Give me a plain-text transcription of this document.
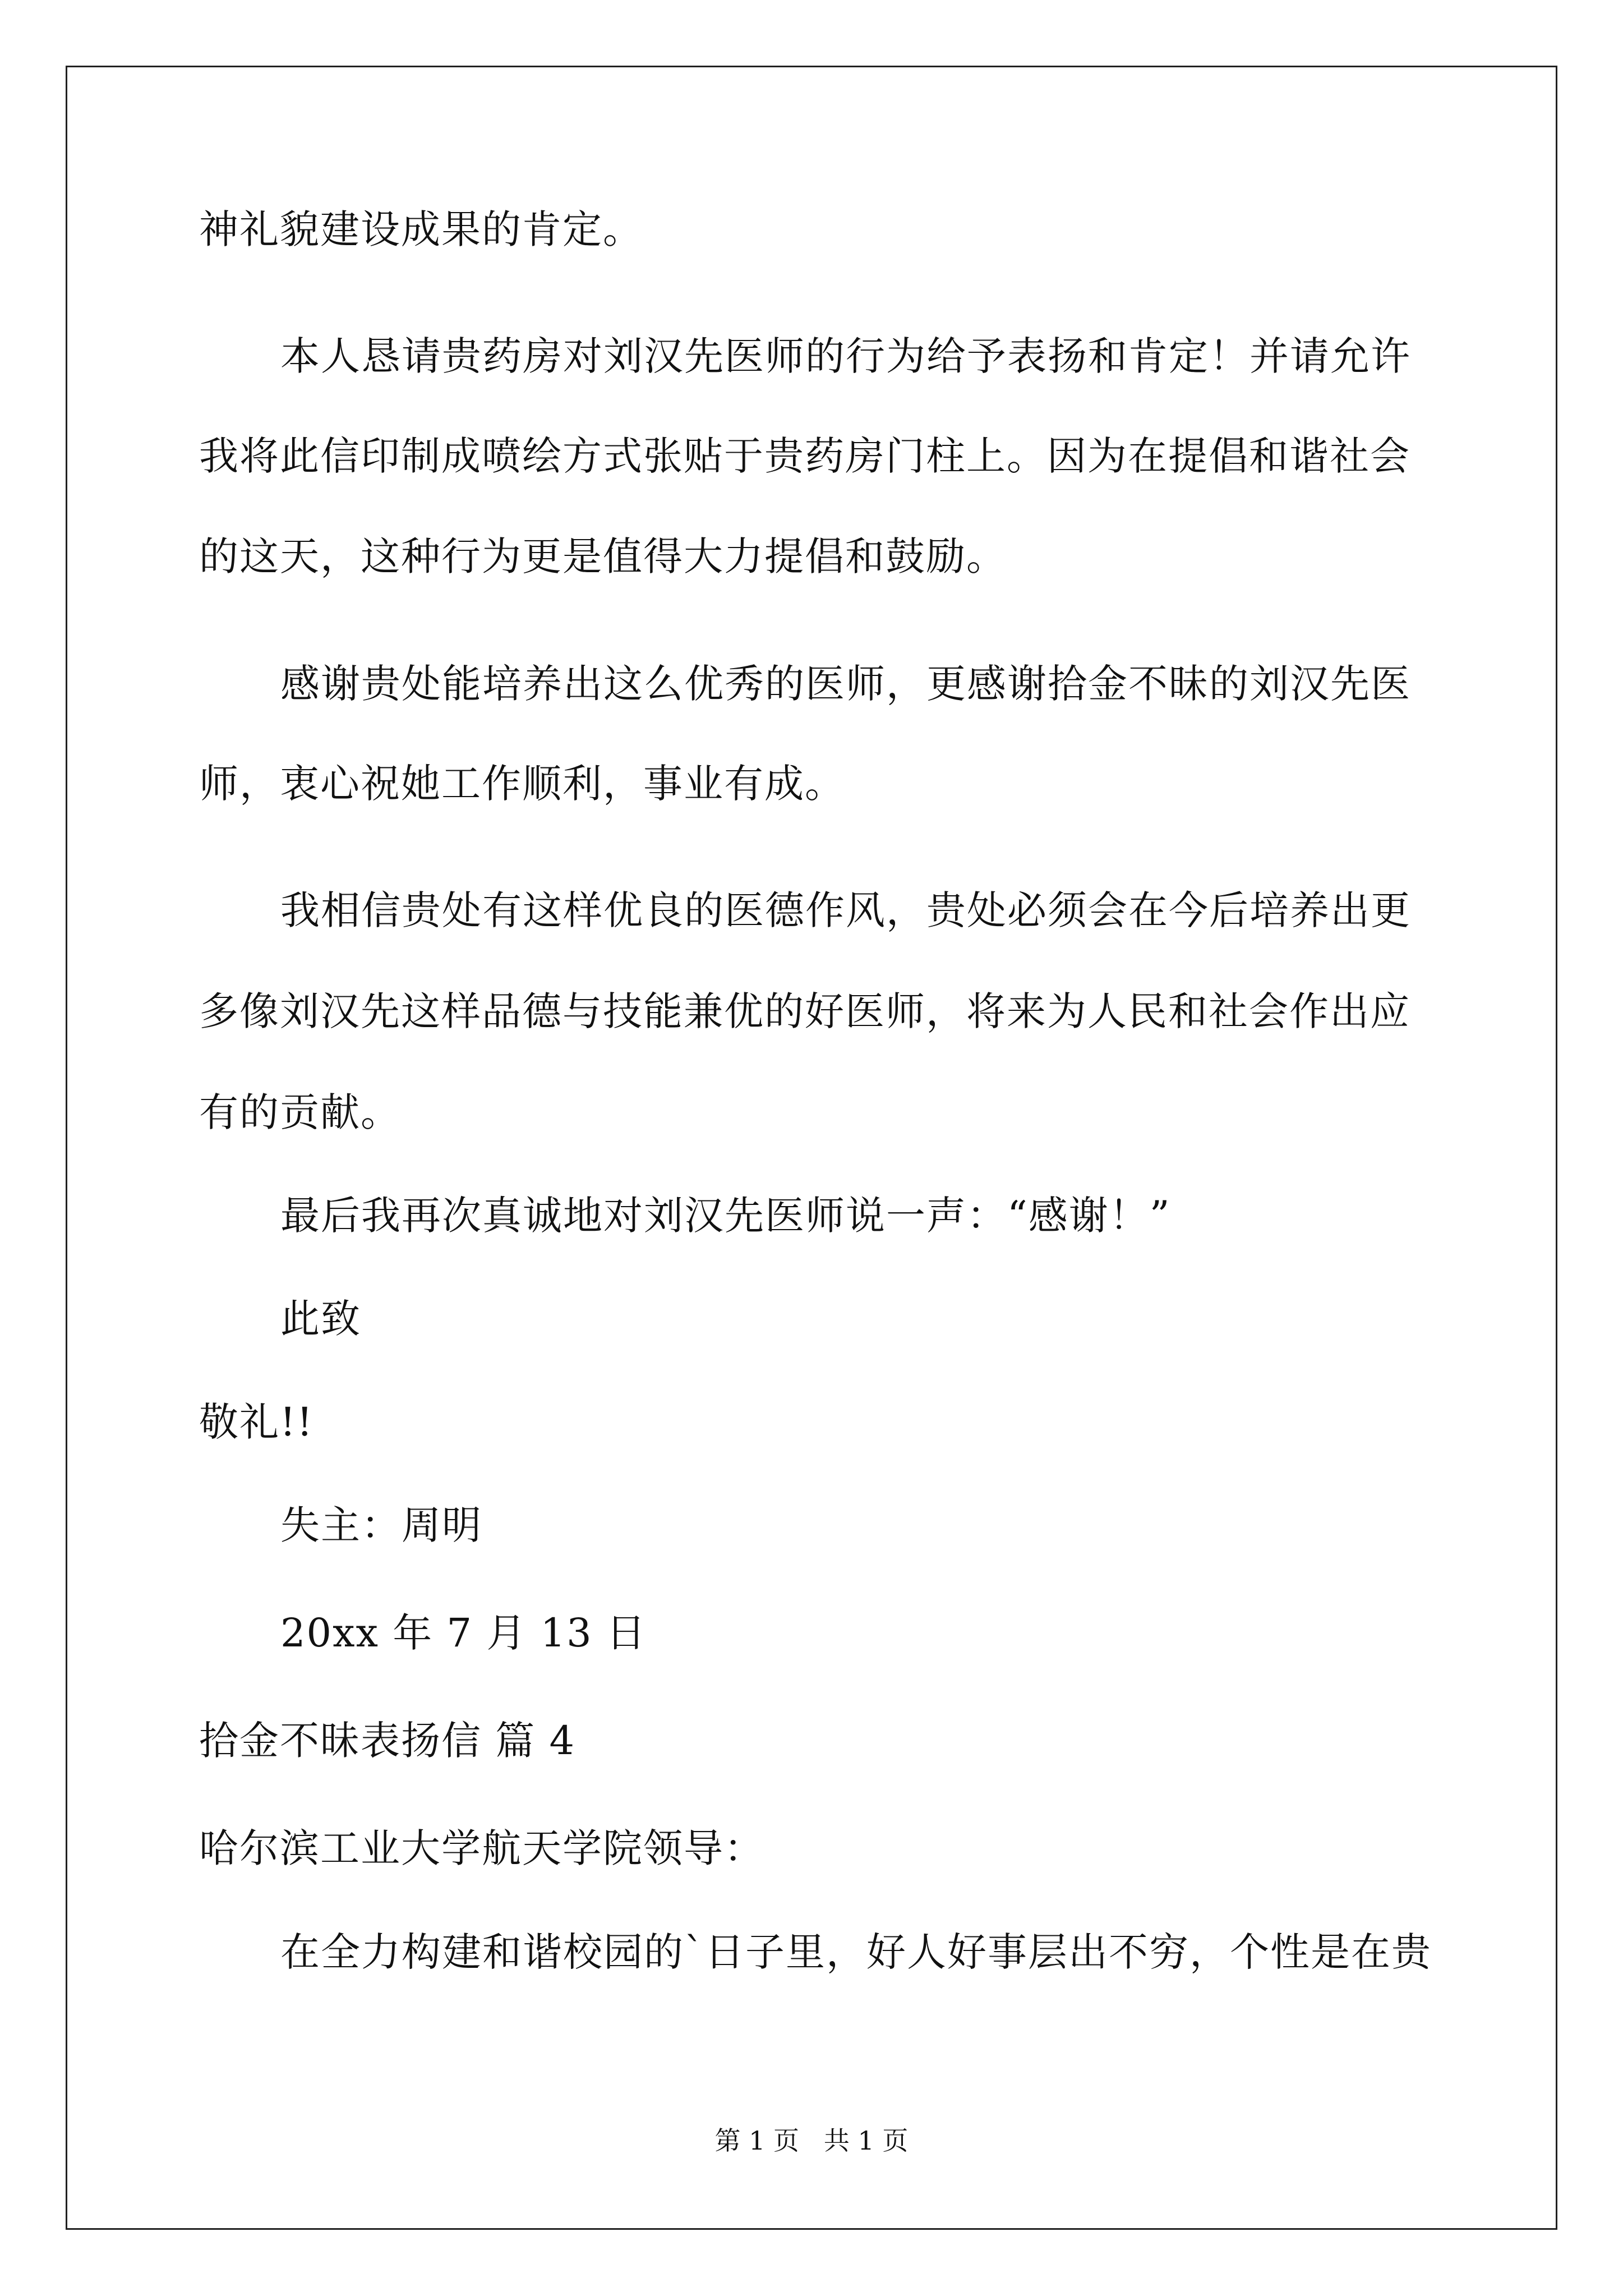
神礼貌建设成果的肯定。
本人恳请贵药房对刘汉先医师的行为给予表扬和肯定！并请允许
我将此信印制成喷绘方式张贴于贵药房门柱上。因为在提倡和谐社会
的这天，这种行为更是值得大力提倡和鼓励。
感谢贵处能培养出这么优秀的医师，更感谢拾金不昧的刘汉先医
师，衷心祝她工作顺利，事业有成。
我相信贵处有这样优良的医德作风，贵处必须会在今后培养出更
多像刘汉先这样品德与技能兼优的好医师，将来为人民和社会作出应
有的贡献。
最后我再次真诚地对刘汉先医师说一声：“感谢！”
此致
敬礼!!
失主：周明
20xx 年 7 月 13 日
拾金不昧表扬信 篇 4
哈尔滨工业大学航天学院领导：
在全力构建和谐校园的`日子里，好人好事层出不穷，个性是在贵
第 1 页   共 1 页
